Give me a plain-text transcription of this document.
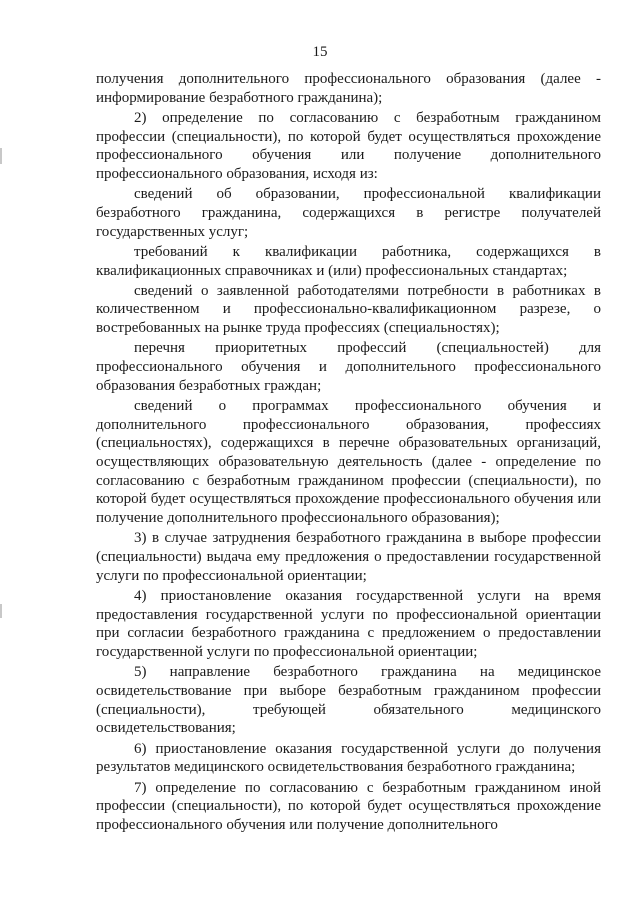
15

получения дополнительного профессионального образования (далее - информирование безработного гражданина);

2) определение по согласованию с безработным гражданином профессии (специальности), по которой будет осуществляться прохождение профессионального обучения или получение дополнительного профессионального образования, исходя из:

сведений об образовании, профессиональной квалификации безработного гражданина, содержащихся в регистре получателей государственных услуг;

требований к квалификации работника, содержащихся в квалификационных справочниках и (или) профессиональных стандартах;

сведений о заявленной работодателями потребности в работниках в количественном и профессионально-квалификационном разрезе, о востребованных на рынке труда профессиях (специальностях);

перечня приоритетных профессий (специальностей) для профессионального обучения и дополнительного профессионального образования безработных граждан;

сведений о программах профессионального обучения и дополнительного профессионального образования, профессиях (специальностях), содержащихся в перечне образовательных организаций, осуществляющих образовательную деятельность (далее - определение по согласованию с безработным гражданином профессии (специальности), по которой будет осуществляться прохождение профессионального обучения или получение дополнительного профессионального образования);

3) в случае затруднения безработного гражданина в выборе профессии (специальности) выдача ему предложения о предоставлении государственной услуги по профессиональной ориентации;

4) приостановление оказания государственной услуги на время предоставления государственной услуги по профессиональной ориентации при согласии безработного гражданина с предложением о предоставлении государственной услуги по профессиональной ориентации;

5) направление безработного гражданина на медицинское освидетельствование при выборе безработным гражданином профессии (специальности), требующей обязательного медицинского освидетельствования;

6) приостановление оказания государственной услуги до получения результатов медицинского освидетельствования безработного гражданина;

7) определение по согласованию с безработным гражданином иной профессии (специальности), по которой будет осуществляться прохождение профессионального обучения или получение дополнительного
